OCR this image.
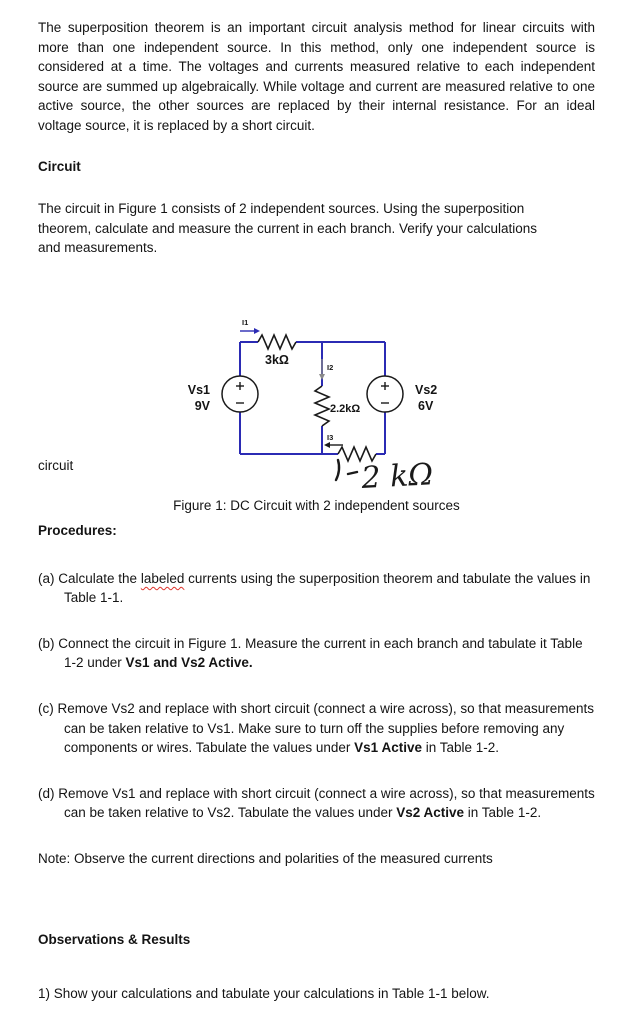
The superposition theorem is an important circuit analysis method for linear circuits with more than one independent source. In this method, only one independent source is considered at a time. The voltages and currents measured relative to each independent source are summed up algebraically. While voltage and current are measured relative to one active source, the other sources are replaced by their internal resistance. For an ideal voltage source, it is replaced by a short circuit.

Circuit

The circuit in Figure 1 consists of 2 independent sources. Using the superposition theorem, calculate and measure the current in each branch. Verify your calculations and measurements.

3kΩ
2.2kΩ
Vs1
9V
Vs2
6V
I1
I2
I3
2 kΩ
circuit
Figure 1: DC Circuit with 2 independent sources

Procedures:

(a) Calculate the labeled currents using the superposition theorem and tabulate the values in Table 1-1.
(b) Connect the circuit in Figure 1. Measure the current in each branch and tabulate it Table 1-2 under Vs1 and Vs2 Active.
(c) Remove Vs2 and replace with short circuit (connect a wire across), so that measurements can be taken relative to Vs1. Make sure to turn off the supplies before removing any components or wires. Tabulate the values under Vs1 Active in Table 1-2.
(d) Remove Vs1 and replace with short circuit (connect a wire across), so that measurements can be taken relative to Vs2. Tabulate the values under Vs2 Active in Table 1-2.

Note: Observe the current directions and polarities of the measured currents

Observations & Results

1) Show your calculations and tabulate your calculations in Table 1-1 below.
